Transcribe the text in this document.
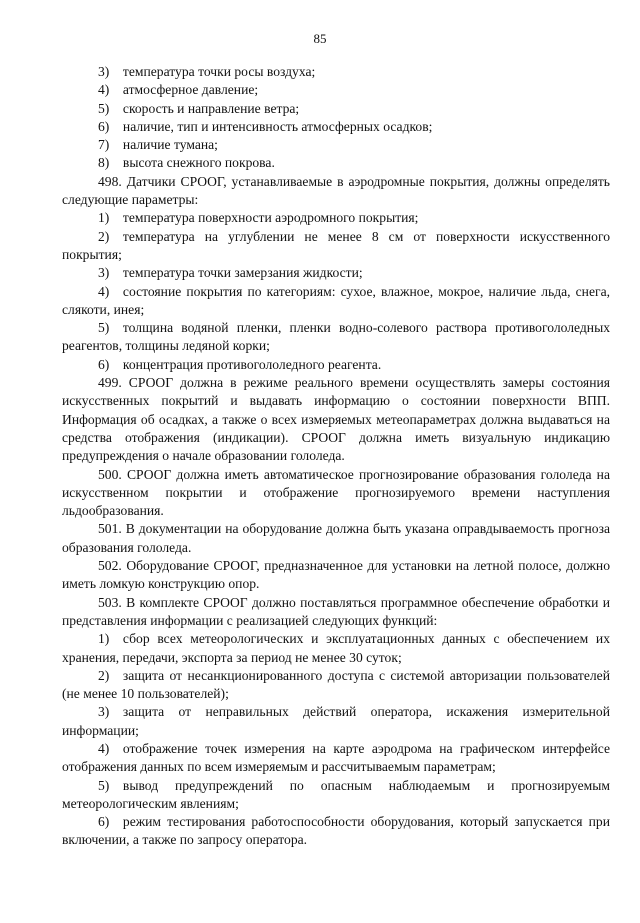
85

3) температура точки росы воздуха;

4) атмосферное давление;

5) скорость и направление ветра;

6) наличие, тип и интенсивность атмосферных осадков;

7) наличие тумана;

8) высота снежного покрова.

498. Датчики СРООГ, устанавливаемые в аэродромные покрытия, должны определять следующие параметры:

1) температура поверхности аэродромного покрытия;

2) температура на углублении не менее 8 см от поверхности искусственного покрытия;

3) температура точки замерзания жидкости;

4) состояние покрытия по категориям: сухое, влажное, мокрое, наличие льда, снега, слякоти, инея;

5) толщина водяной пленки, пленки водно-солевого раствора противогололедных реагентов, толщины ледяной корки;

6) концентрация противогололедного реагента.

499. СРООГ должна в режиме реального времени осуществлять замеры состояния искусственных покрытий и выдавать информацию о состоянии поверхности ВПП. Информация об осадках, а также о всех измеряемых метеопараметрах должна выдаваться на средства отображения (индикации). СРООГ должна иметь визуальную индикацию предупреждения о начале образовании гололеда.

500. СРООГ должна иметь автоматическое прогнозирование образования гололеда на искусственном покрытии и отображение прогнозируемого времени наступления льдообразования.

501. В документации на оборудование должна быть указана оправдываемость прогноза образования гололеда.

502. Оборудование СРООГ, предназначенное для установки на летной полосе, должно иметь ломкую конструкцию опор.

503. В комплекте СРООГ должно поставляться программное обеспечение обработки и представления информации с реализацией следующих функций:

1) сбор всех метеорологических и эксплуатационных данных с обеспечением их хранения, передачи, экспорта за период не менее 30 суток;

2) защита от несанкционированного доступа с системой авторизации пользователей (не менее 10 пользователей);

3) защита от неправильных действий оператора, искажения измерительной информации;

4) отображение точек измерения на карте аэродрома на графическом интерфейсе отображения данных по всем измеряемым и рассчитываемым параметрам;

5) вывод предупреждений по опасным наблюдаемым и прогнозируемым метеорологическим явлениям;

6) режим тестирования работоспособности оборудования, который запускается при включении, а также по запросу оператора.
